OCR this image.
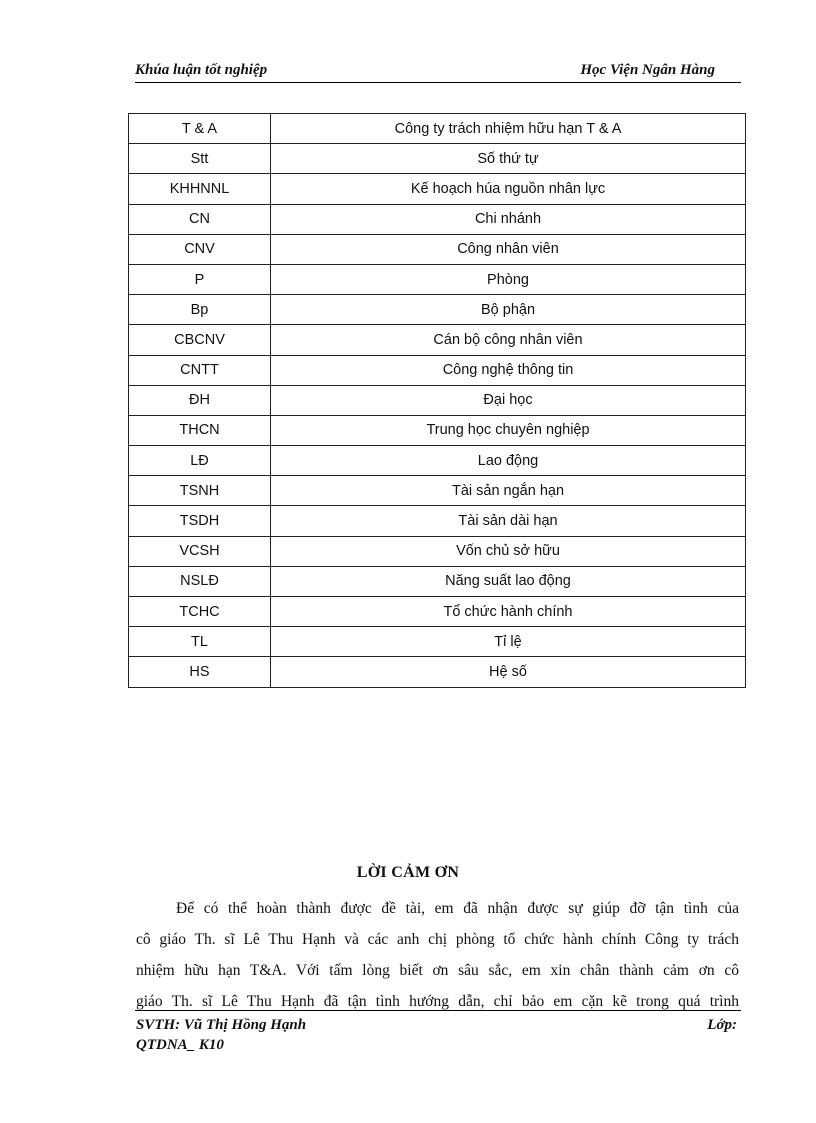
Khúa luận tốt nghiệp	Học Viện Ngân Hàng
T & A	Công ty trách nhiệm hữu hạn T & A
Stt	Số thứ tự
KHHNNL	Kế hoạch húa nguồn nhân lực
CN	Chi nhánh
CNV	Công nhân viên
P	Phòng
Bp	Bộ phận
CBCNV	Cán bộ công nhân viên
CNTT	Công nghệ thông tin
ĐH	Đại học
THCN	Trung học chuyên nghiệp
LĐ	Lao động
TSNH	Tài sản ngắn hạn
TSDH	Tài sản dài hạn
VCSH	Vốn chủ sở hữu
NSLĐ	Năng suất lao động
TCHC	Tổ chức hành chính
TL	Tỉ lệ
HS	Hệ số
LỜI CẢM ƠN
Để có thể hoàn thành được đề tài, em đã nhận được sự giúp đỡ tận tình của
cô giáo Th. sĩ Lê Thu Hạnh và các anh chị phòng tổ chức hành chính Công ty trách
nhiệm hữu hạn T&A. Với tấm lòng biết ơn sâu sắc, em xin chân thành cảm ơn cô
giáo Th. sĩ Lê Thu Hạnh đã tận tình hướng dẫn, chỉ bảo em cặn kẽ trong quá trình
SVTH: Vũ Thị Hồng Hạnh	Lớp:
QTDNA_ K10
